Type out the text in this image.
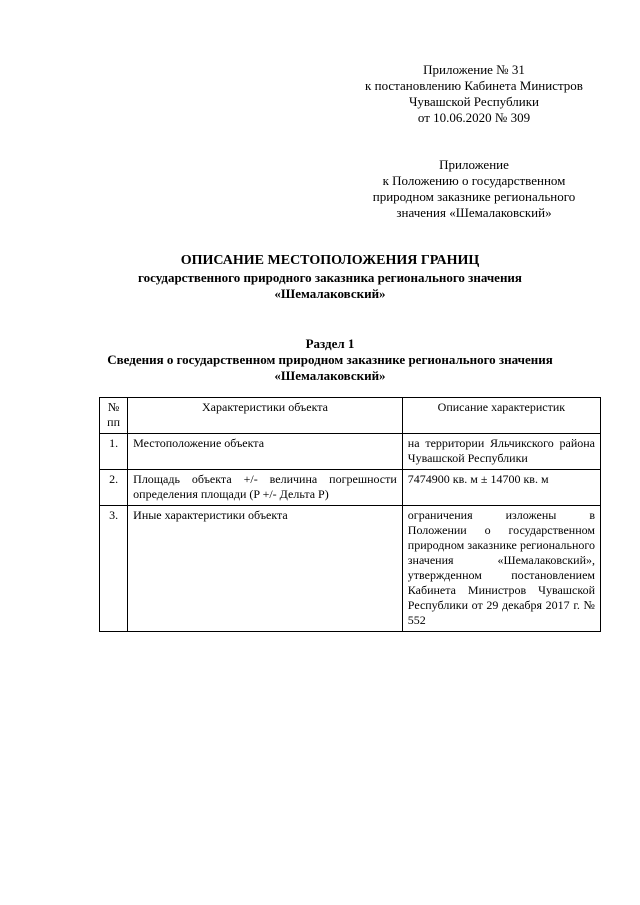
Приложение № 31
к постановлению Кабинета Министров
Чувашской Республики
от 10.06.2020 № 309
Приложение
к Положению о государственном
природном заказнике регионального
значения «Шемалаковский»
ОПИСАНИЕ МЕСТОПОЛОЖЕНИЯ ГРАНИЦ
государственного природного заказника регионального значения
«Шемалаковский»
Раздел 1
Сведения о государственном природном заказнике регионального значения
«Шемалаковский»
№ пп	Характеристики объекта	Описание характеристик
1.	Местоположение объекта	на территории Яльчикского района Чувашской Республики
2.	Площадь объекта +/- величина погрешности определения площади (P +/- Дельта P)	7474900 кв. м ± 14700 кв. м
3.	Иные характеристики объекта	ограничения изложены в Положении о государственном природном заказнике регионального значения «Шемалаковский», утвержденном постановлением Кабинета Министров Чувашской Республики от 29 декабря 2017 г. № 552
